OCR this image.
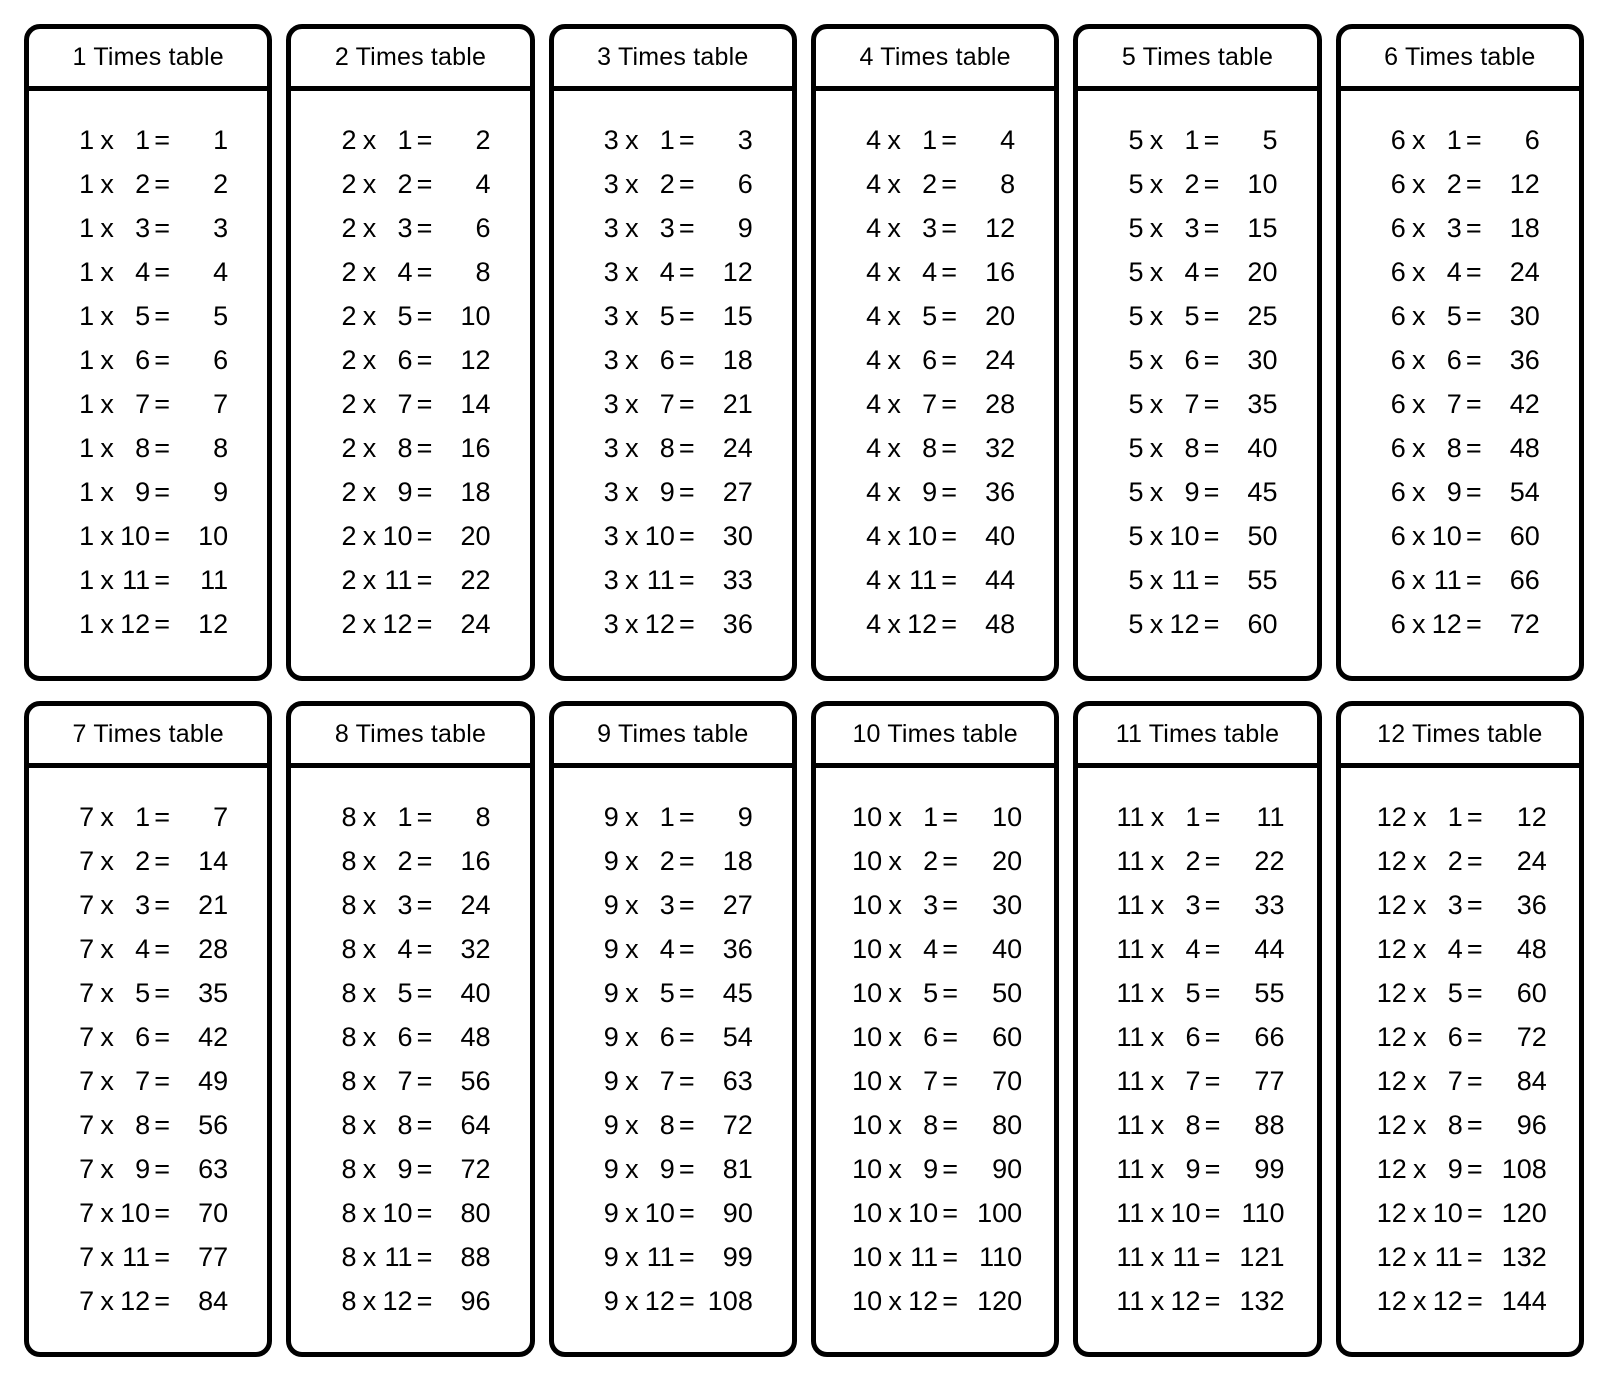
1 Times table
1 x 1 =	1
1 x 2 =	2
1 x 3 =	3
1 x 4 =	4
1 x 5 =	5
1 x 6 =	6
1 x 7 =	7
1 x 8 =	8
1 x 9 =	9
1 x 10 =	10
1 x 11 =	11
1 x 12 =	12
2 Times table
2 x 1 =	2
2 x 2 =	4
2 x 3 =	6
2 x 4 =	8
2 x 5 =	10
2 x 6 =	12
2 x 7 =	14
2 x 8 =	16
2 x 9 =	18
2 x 10 =	20
2 x 11 =	22
2 x 12 =	24
3 Times table
3 x 1 =	3
3 x 2 =	6
3 x 3 =	9
3 x 4 =	12
3 x 5 =	15
3 x 6 =	18
3 x 7 =	21
3 x 8 =	24
3 x 9 =	27
3 x 10 =	30
3 x 11 =	33
3 x 12 =	36
4 Times table
4 x 1 =	4
4 x 2 =	8
4 x 3 =	12
4 x 4 =	16
4 x 5 =	20
4 x 6 =	24
4 x 7 =	28
4 x 8 =	32
4 x 9 =	36
4 x 10 =	40
4 x 11 =	44
4 x 12 =	48
5 Times table
5 x 1 =	5
5 x 2 =	10
5 x 3 =	15
5 x 4 =	20
5 x 5 =	25
5 x 6 =	30
5 x 7 =	35
5 x 8 =	40
5 x 9 =	45
5 x 10 =	50
5 x 11 =	55
5 x 12 =	60
6 Times table
6 x 1 =	6
6 x 2 =	12
6 x 3 =	18
6 x 4 =	24
6 x 5 =	30
6 x 6 =	36
6 x 7 =	42
6 x 8 =	48
6 x 9 =	54
6 x 10 =	60
6 x 11 =	66
6 x 12 =	72
7 Times table
7 x 1 =	7
7 x 2 =	14
7 x 3 =	21
7 x 4 =	28
7 x 5 =	35
7 x 6 =	42
7 x 7 =	49
7 x 8 =	56
7 x 9 =	63
7 x 10 =	70
7 x 11 =	77
7 x 12 =	84
8 Times table
8 x 1 =	8
8 x 2 =	16
8 x 3 =	24
8 x 4 =	32
8 x 5 =	40
8 x 6 =	48
8 x 7 =	56
8 x 8 =	64
8 x 9 =	72
8 x 10 =	80
8 x 11 =	88
8 x 12 =	96
9 Times table
9 x 1 =	9
9 x 2 =	18
9 x 3 =	27
9 x 4 =	36
9 x 5 =	45
9 x 6 =	54
9 x 7 =	63
9 x 8 =	72
9 x 9 =	81
9 x 10 =	90
9 x 11 =	99
9 x 12 = 108
10 Times table
10 x 1 =	10
10 x 2 =	20
10 x 3 =	30
10 x 4 =	40
10 x 5 =	50
10 x 6 =	60
10 x 7 =	70
10 x 8 =	80
10 x 9 =	90
10 x 10 = 100
10 x 11 = 110
10 x 12 = 120
11 Times table
11 x 1 =	11
11 x 2 =	22
11 x 3 =	33
11 x 4 =	44
11 x 5 =	55
11 x 6 =	66
11 x 7 =	77
11 x 8 =	88
11 x 9 =	99
11 x 10 = 110
11 x 11 = 121
11 x 12 = 132
12 Times table
12 x 1 =	12
12 x 2 =	24
12 x 3 =	36
12 x 4 =	48
12 x 5 =	60
12 x 6 =	72
12 x 7 =	84
12 x 8 =	96
12 x 9 = 108
12 x 10 = 120
12 x 11 = 132
12 x 12 = 144
